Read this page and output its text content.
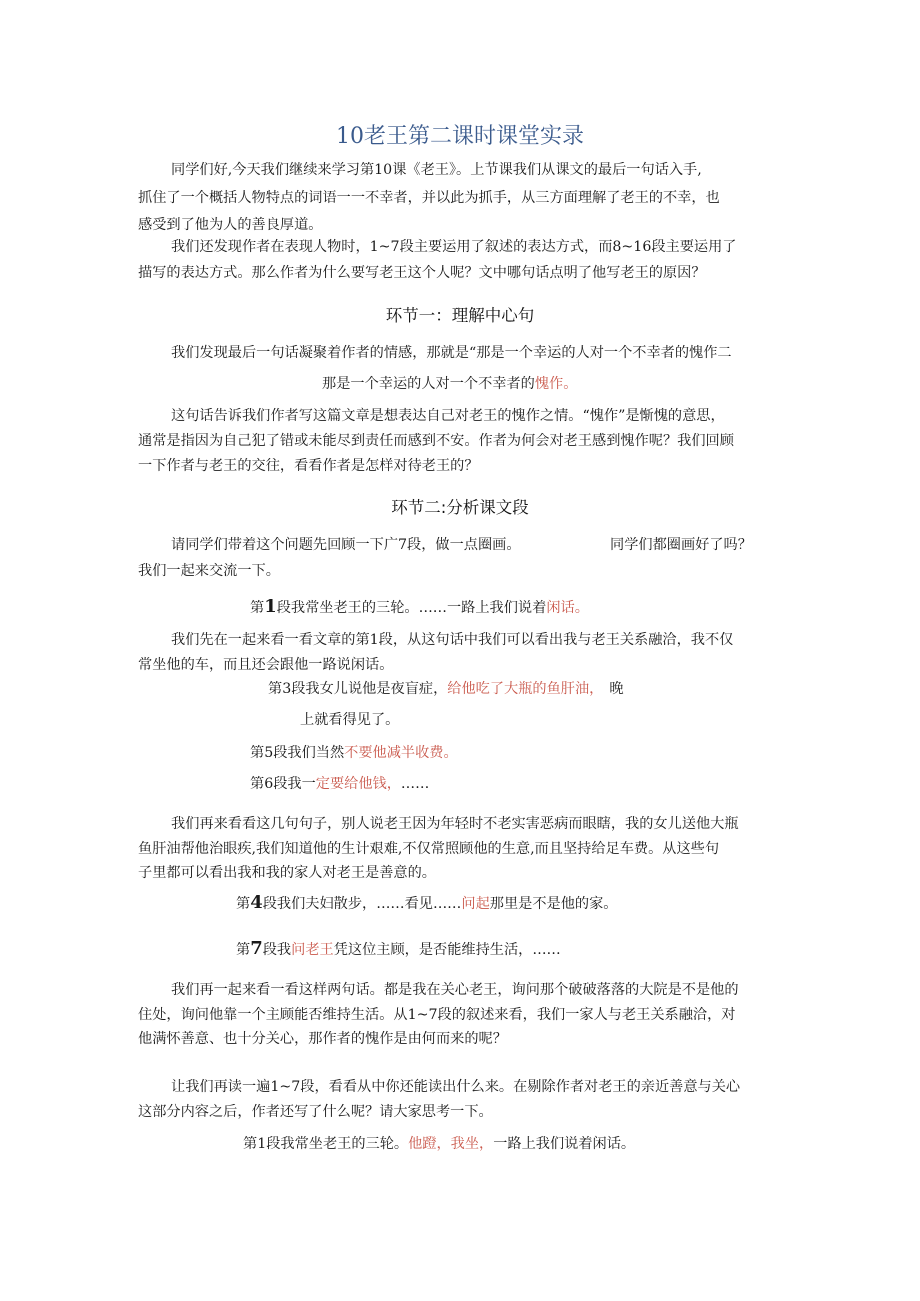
10老王第二课时课堂实录
同学们好,今天我们继续来学习第10课《老王》。上节课我们从课文的最后一句话入手,
抓住了一个概括人物特点的词语一一不幸者，并以此为抓手，从三方面理解了老王的不幸，也
感受到了他为人的善良厚道。
我们还发现作者在表现人物时，1~7段主要运用了叙述的表达方式，而8~16段主要运用了
描写的表达方式。那么作者为什么要写老王这个人呢？文中哪句话点明了他写老王的原因？
环节一：理解中心句
我们发现最后一句话凝聚着作者的情感，那就是“那是一个幸运的人对一个不幸者的愧作二
那是一个幸运的人对一个不幸者的愧作。
这句话告诉我们作者写这篇文章是想表达自己对老王的愧作之情。“愧作”是惭愧的意思，
通常是指因为自己犯了错或未能尽到责任而感到不安。作者为何会对老王感到愧作呢？我们回顾
一下作者与老王的交往，看看作者是怎样对待老王的？
环节二:分析课文段
请同学们带着这个问题先回顾一下广7段，做一点圈画。	同学们都圈画好了吗？
我们一起来交流一下。
第1段我常坐老王的三轮。……一路上我们说着闲话。
我们先在一起来看一看文章的第1段，从这句话中我们可以看出我与老王关系融洽，我不仅
常坐他的车，而且还会跟他一路说闲话。
第3段我女儿说他是夜盲症，给他吃了大瓶的鱼肝油， 晚
上就看得见了。
第5段我们当然不要他减半收费。
第6段我一定要给他钱，……
我们再来看看这几句句子，别人说老王因为年轻时不老实害恶病而眼瞎，我的女儿送他大瓶
鱼肝油帮他治眼疾,我们知道他的生计艰难,不仅常照顾他的生意,而且坚持给足车费。从这些句
子里都可以看出我和我的家人对老王是善意的。
第4段我们夫妇散步，……看见……问起那里是不是他的家。
第7段我问老王凭这位主顾，是否能维持生活，……
我们再一起来看一看这样两句话。都是我在关心老王，询问那个破破落落的大院是不是他的
住处，询问他靠一个主顾能否维持生活。从1~7段的叙述来看，我们一家人与老王关系融洽，对
他满怀善意、也十分关心，那作者的愧作是由何而来的呢？
让我们再读一遍1~7段，看看从中你还能读出什么来。在剔除作者对老王的亲近善意与关心
这部分内容之后，作者还写了什么呢？请大家思考一下。
第1段我常坐老王的三轮。他蹬，我坐，一路上我们说着闲话。
